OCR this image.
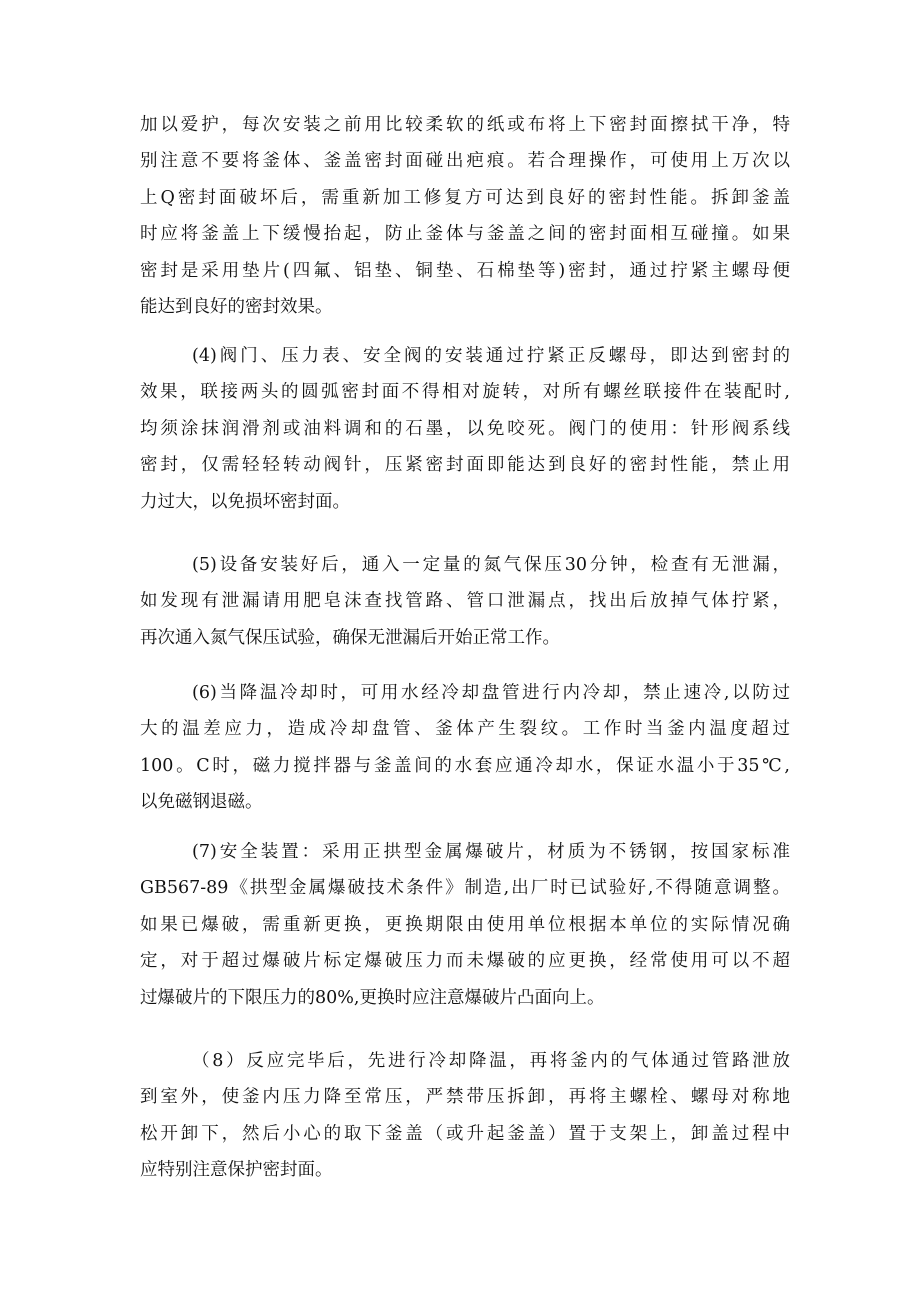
加以爱护，每次安装之前用比较柔软的纸或布将上下密封面擦拭干净，特
别注意不要将釜体、釜盖密封面碰出疤痕。若合理操作，可使用上万次以
上Q密封面破坏后，需重新加工修复方可达到良好的密封性能。拆卸釜盖
时应将釜盖上下缓慢抬起，防止釜体与釜盖之间的密封面相互碰撞。如果
密封是采用垫片(四氟、铝垫、铜垫、石棉垫等)密封，通过拧紧主螺母便
能达到良好的密封效果。
(4)阀门、压力表、安全阀的安装通过拧紧正反螺母，即达到密封的
效果，联接两头的圆弧密封面不得相对旋转，对所有螺丝联接件在装配时,
均须涂抹润滑剂或油料调和的石墨，以免咬死。阀门的使用：针形阀系线
密封，仅需轻轻转动阀针，压紧密封面即能达到良好的密封性能，禁止用
力过大，以免损坏密封面。
(5)设备安装好后，通入一定量的氮气保压30分钟，检查有无泄漏，
如发现有泄漏请用肥皂沫查找管路、管口泄漏点，找出后放掉气体拧紧，
再次通入氮气保压试验，确保无泄漏后开始正常工作。
(6)当降温冷却时，可用水经冷却盘管进行内冷却，禁止速冷,以防过
大的温差应力，造成冷却盘管、釜体产生裂纹。工作时当釜内温度超过
100。C时，磁力搅拌器与釜盖间的水套应通冷却水，保证水温小于35℃,
以免磁钢退磁。
(7)安全装置：采用正拱型金属爆破片，材质为不锈钢，按国家标准
GB567-89《拱型金属爆破技术条件》制造,出厂时已试验好,不得随意调整。
如果已爆破，需重新更换，更换期限由使用单位根据本单位的实际情况确
定，对于超过爆破片标定爆破压力而未爆破的应更换，经常使用可以不超
过爆破片的下限压力的80%,更换时应注意爆破片凸面向上。
（8）反应完毕后，先进行冷却降温，再将釜内的气体通过管路泄放
到室外，使釜内压力降至常压，严禁带压拆卸，再将主螺栓、螺母对称地
松开卸下，然后小心的取下釜盖（或升起釜盖）置于支架上，卸盖过程中
应特别注意保护密封面。
